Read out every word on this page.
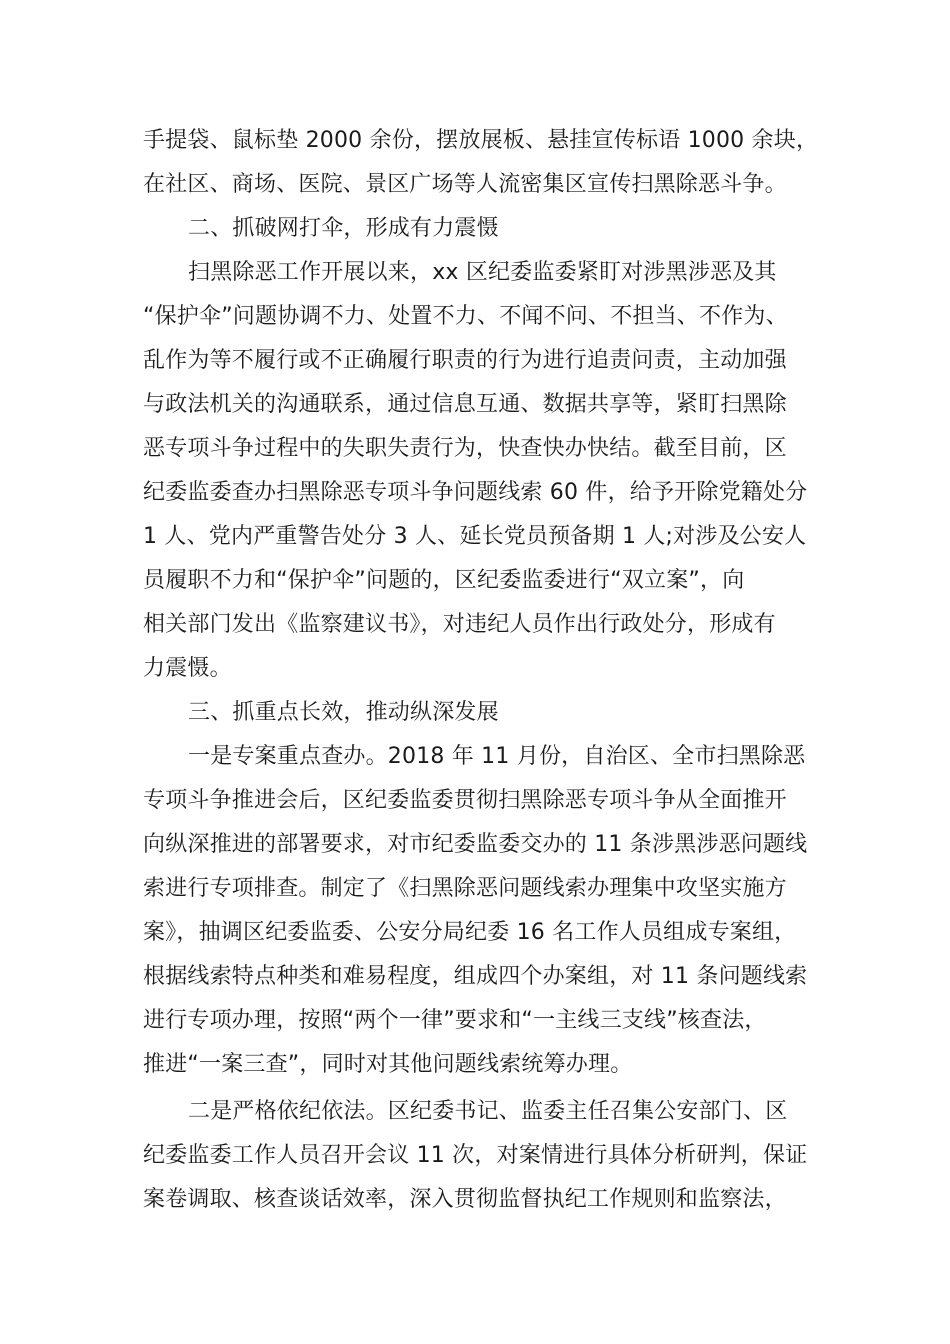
手提袋、鼠标垫 2000 余份，摆放展板、悬挂宣传标语 1000 余块，
在社区、商场、医院、景区广场等人流密集区宣传扫黑除恶斗争。
二、抓破网打伞，形成有力震慑
扫黑除恶工作开展以来，xx 区纪委监委紧盯对涉黑涉恶及其
“保护伞”问题协调不力、处置不力、不闻不问、不担当、不作为、
乱作为等不履行或不正确履行职责的行为进行追责问责，主动加强
与政法机关的沟通联系，通过信息互通、数据共享等，紧盯扫黑除
恶专项斗争过程中的失职失责行为，快查快办快结。截至目前，区
纪委监委查办扫黑除恶专项斗争问题线索 60 件，给予开除党籍处分
1 人、党内严重警告处分 3 人、延长党员预备期 1 人;对涉及公安人
员履职不力和“保护伞”问题的，区纪委监委进行“双立案”，向
相关部门发出《监察建议书》，对违纪人员作出行政处分，形成有
力震慑。
三、抓重点长效，推动纵深发展
一是专案重点查办。2018 年 11 月份，自治区、全市扫黑除恶
专项斗争推进会后，区纪委监委贯彻扫黑除恶专项斗争从全面推开
向纵深推进的部署要求，对市纪委监委交办的 11 条涉黑涉恶问题线
索进行专项排查。制定了《扫黑除恶问题线索办理集中攻坚实施方
案》，抽调区纪委监委、公安分局纪委 16 名工作人员组成专案组，
根据线索特点种类和难易程度，组成四个办案组，对 11 条问题线索
进行专项办理，按照“两个一律”要求和“一主线三支线”核查法，
推进“一案三查”，同时对其他问题线索统筹办理。
二是严格依纪依法。区纪委书记、监委主任召集公安部门、区
纪委监委工作人员召开会议 11 次，对案情进行具体分析研判，保证
案卷调取、核查谈话效率，深入贯彻监督执纪工作规则和监察法，
